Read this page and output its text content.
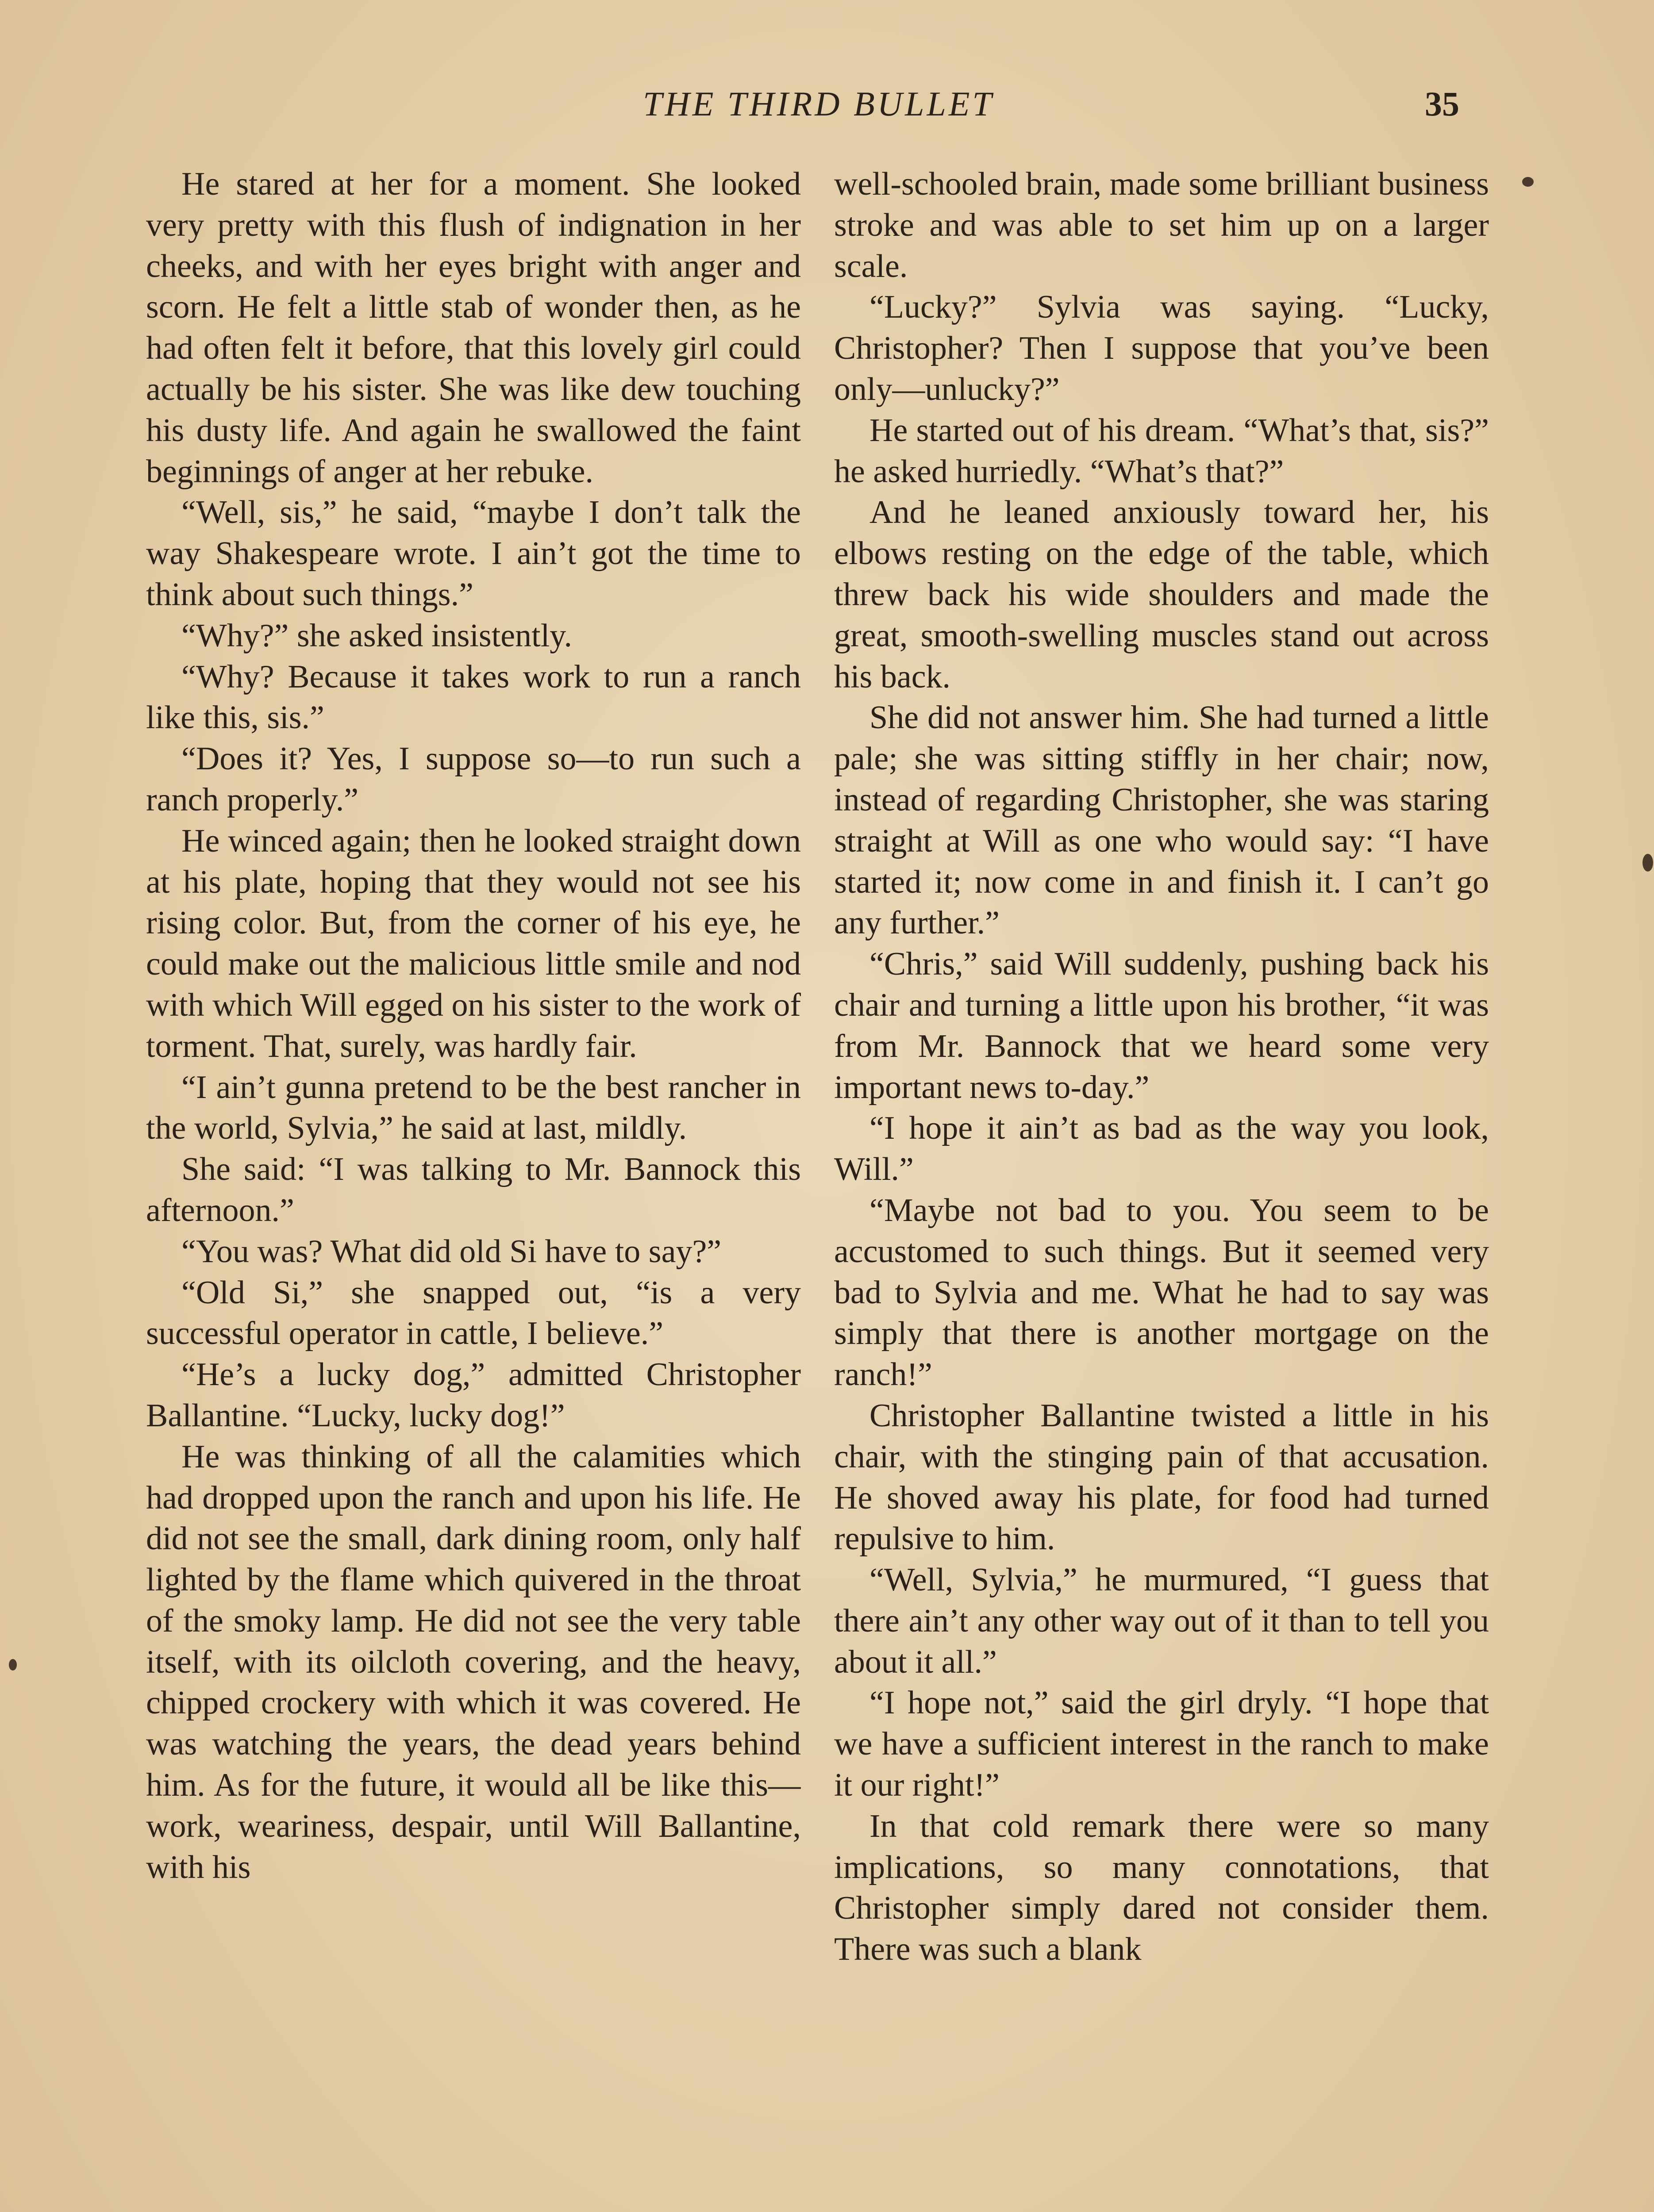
THE THIRD BULLET	35

He stared at her for a moment. She looked very pretty with this flush of indignation in her cheeks, and with her eyes bright with anger and scorn. He felt a little stab of wonder then, as he had often felt it before, that this lovely girl could actually be his sister. She was like dew touching his dusty life. And again he swallowed the faint beginnings of anger at her rebuke.

“Well, sis,” he said, “maybe I don’t talk the way Shakespeare wrote. I ain’t got the time to think about such things.”

“Why?” she asked insistently.

“Why? Because it takes work to run a ranch like this, sis.”

“Does it? Yes, I suppose so—to run such a ranch properly.”

He winced again; then he looked straight down at his plate, hoping that they would not see his rising color. But, from the corner of his eye, he could make out the malicious little smile and nod with which Will egged on his sister to the work of torment. That, surely, was hardly fair.

“I ain’t gunna pretend to be the best rancher in the world, Sylvia,” he said at last, mildly.

She said: “I was talking to Mr. Bannock this afternoon.”

“You was? What did old Si have to say?”

“Old Si,” she snapped out, “is a very successful operator in cattle, I believe.”

“He’s a lucky dog,” admitted Christopher Ballantine. “Lucky, lucky dog!”

He was thinking of all the calamities which had dropped upon the ranch and upon his life. He did not see the small, dark dining room, only half lighted by the flame which quivered in the throat of the smoky lamp. He did not see the very table itself, with its oilcloth covering, and the heavy, chipped crockery with which it was covered. He was watching the years, the dead years behind him. As for the future, it would all be like this—work, weariness, despair, until Will Ballantine, with his

well-schooled brain, made some brilliant business stroke and was able to set him up on a larger scale.

“Lucky?” Sylvia was saying. “Lucky, Christopher? Then I suppose that you’ve been only—unlucky?”

He started out of his dream. “What’s that, sis?” he asked hurriedly. “What’s that?”

And he leaned anxiously toward her, his elbows resting on the edge of the table, which threw back his wide shoulders and made the great, smooth-swelling muscles stand out across his back.

She did not answer him. She had turned a little pale; she was sitting stiffly in her chair; now, instead of regarding Christopher, she was staring straight at Will as one who would say: “I have started it; now come in and finish it. I can’t go any further.”

“Chris,” said Will suddenly, pushing back his chair and turning a little upon his brother, “it was from Mr. Bannock that we heard some very important news to-day.”

“I hope it ain’t as bad as the way you look, Will.”

“Maybe not bad to you. You seem to be accustomed to such things. But it seemed very bad to Sylvia and me. What he had to say was simply that there is another mortgage on the ranch!”

Christopher Ballantine twisted a little in his chair, with the stinging pain of that accusation. He shoved away his plate, for food had turned repulsive to him.

“Well, Sylvia,” he murmured, “I guess that there ain’t any other way out of it than to tell you about it all.”

“I hope not,” said the girl dryly. “I hope that we have a sufficient interest in the ranch to make it our right!”

In that cold remark there were so many implications, so many connotations, that Christopher simply dared not consider them. There was such a blank
